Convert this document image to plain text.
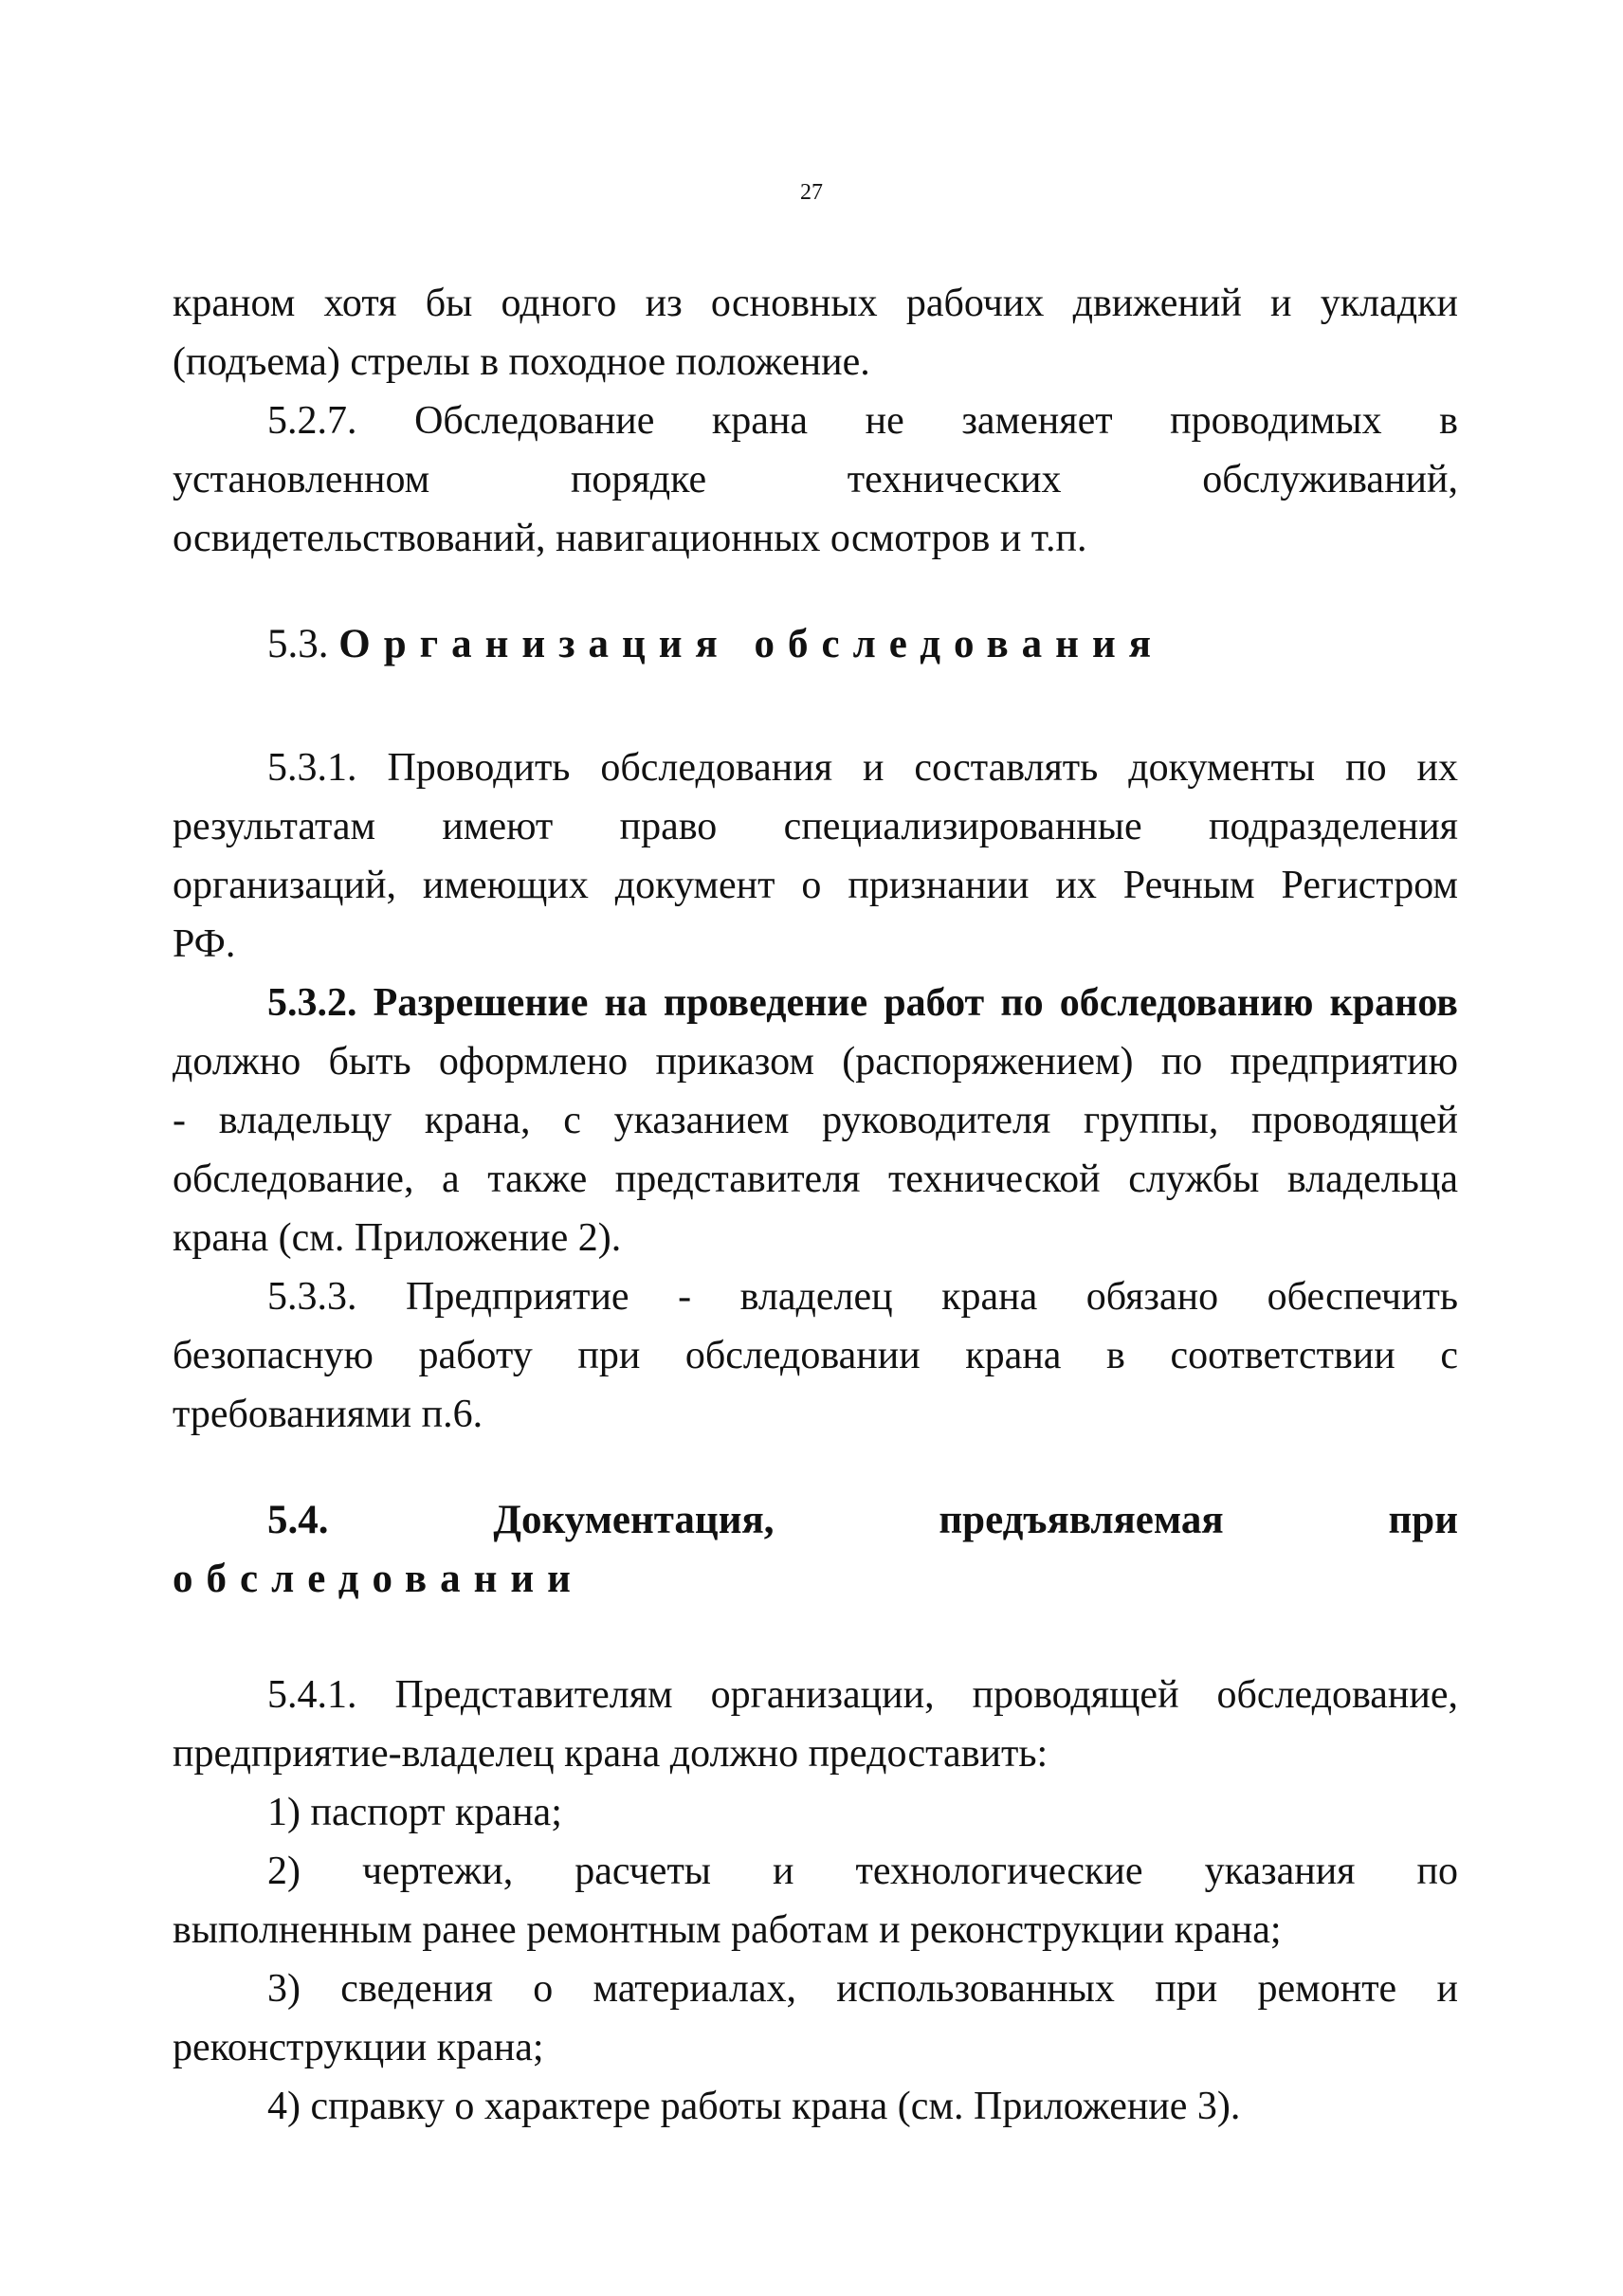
27
краном хотя бы одного из основных рабочих движений и укладки
(подъема) стрелы в походное положение.
5.2.7. Обследование крана не заменяет проводимых в
установленном порядке технических обслуживаний,
освидетельствований, навигационных осмотров и т.п.
5.3. Организация обследования
5.3.1. Проводить обследования и составлять документы по их
результатам имеют право специализированные подразделения
организаций, имеющих документ о признании их Речным Регистром
РФ.
5.3.2. Разрешение на проведение работ по обследованию кранов
должно быть оформлено приказом (распоряжением) по предприятию
- владельцу крана, с указанием руководителя группы, проводящей
обследование, а также представителя технической службы владельца
крана (см. Приложение 2).
5.3.3. Предприятие - владелец крана обязано обеспечить
безопасную работу при обследовании крана в соответствии с
требованиями п.6.
5.4. Документация, предъявляемая при
обследовании
5.4.1. Представителям организации, проводящей обследование,
предприятие-владелец крана должно предоставить:
1) паспорт крана;
2) чертежи, расчеты и технологические указания по
выполненным ранее ремонтным работам и реконструкции крана;
3) сведения о материалах, использованных при ремонте и
реконструкции крана;
4) справку о характере работы крана (см. Приложение 3).
